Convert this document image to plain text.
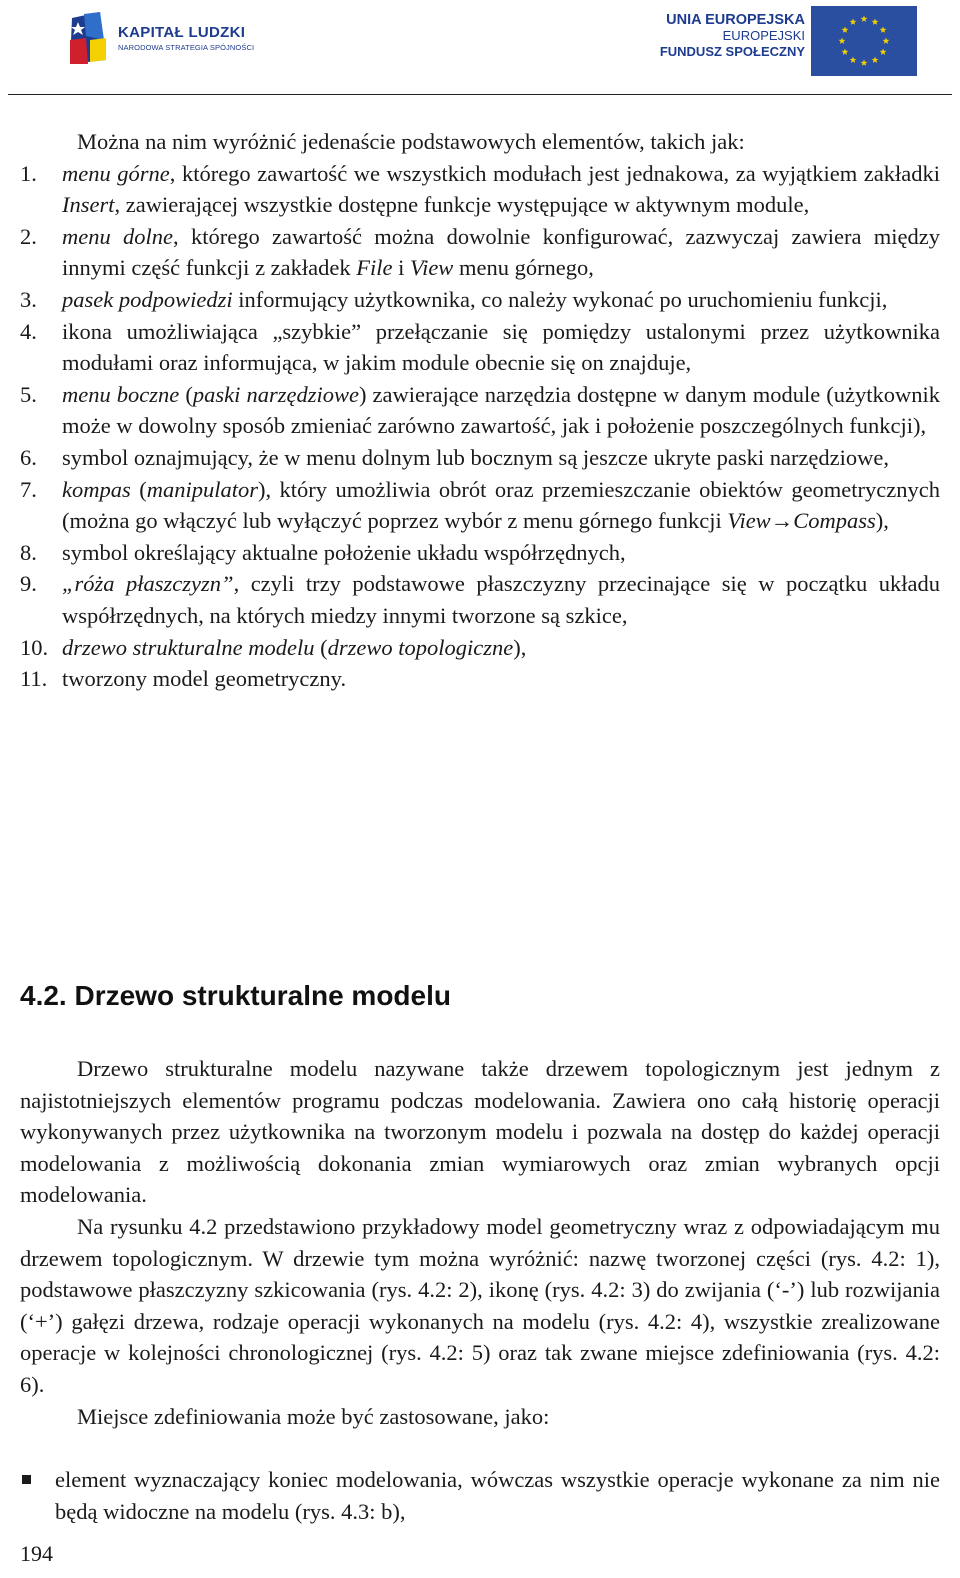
KAPITAŁ LUDZKI
NARODOWA STRATEGIA SPÓJNOŚCI
UNIA EUROPEJSKA
EUROPEJSKI
FUNDUSZ SPOŁECZNY

Można na nim wyróżnić jedenaście podstawowych elementów, takich jak:

1. menu górne, którego zawartość we wszystkich modułach jest jednakowa, za wyjątkiem zakładki Insert, zawierającej wszystkie dostępne funkcje występujące w aktywnym module,
2. menu dolne, którego zawartość można dowolnie konfigurować, zazwyczaj zawiera między innymi część funkcji z zakładek File i View menu górnego,
3. pasek podpowiedzi informujący użytkownika, co należy wykonać po uruchomieniu funkcji,
4. ikona umożliwiająca „szybkie” przełączanie się pomiędzy ustalonymi przez użytkownika modułami oraz informująca, w jakim module obecnie się on znajduje,
5. menu boczne (paski narzędziowe) zawierające narzędzia dostępne w danym module (użytkownik może w dowolny sposób zmieniać zarówno zawartość, jak i położenie poszczególnych funkcji),
6. symbol oznajmujący, że w menu dolnym lub bocznym są jeszcze ukryte paski narzędziowe,
7. kompas (manipulator), który umożliwia obrót oraz przemieszczanie obiektów geometrycznych (można go włączyć lub wyłączyć poprzez wybór z menu górnego funkcji View→Compass),
8. symbol określający aktualne położenie układu współrzędnych,
9. „róża płaszczyzn”, czyli trzy podstawowe płaszczyzny przecinające się w początku układu współrzędnych, na których miedzy innymi tworzone są szkice,
10. drzewo strukturalne modelu (drzewo topologiczne),
11. tworzony model geometryczny.
4.2. Drzewo strukturalne modelu

Drzewo strukturalne modelu nazywane także drzewem topologicznym jest jednym z najistotniejszych elementów programu podczas modelowania. Zawiera ono całą historię operacji wykonywanych przez użytkownika na tworzonym modelu i pozwala na dostęp do każdej operacji modelowania z możliwością dokonania zmian wymiarowych oraz zmian wybranych opcji modelowania.

Na rysunku 4.2 przedstawiono przykładowy model geometryczny wraz z odpowiadającym mu drzewem topologicznym. W drzewie tym można wyróżnić: nazwę tworzonej części (rys. 4.2: 1), podstawowe płaszczyzny szkicowania (rys. 4.2: 2), ikonę (rys. 4.2: 3) do zwijania (‘-’) lub rozwijania (‘+’) gałęzi drzewa, rodzaje operacji wykonanych na modelu (rys. 4.2: 4), wszystkie zrealizowane operacje w kolejności chronologicznej (rys. 4.2: 5) oraz tak zwane miejsce zdefiniowania (rys. 4.2: 6).

Miejsce zdefiniowania może być zastosowane, jako:

element wyznaczający koniec modelowania, wówczas wszystkie operacje wykonane za nim nie będą widoczne na modelu (rys. 4.3: b),
194
